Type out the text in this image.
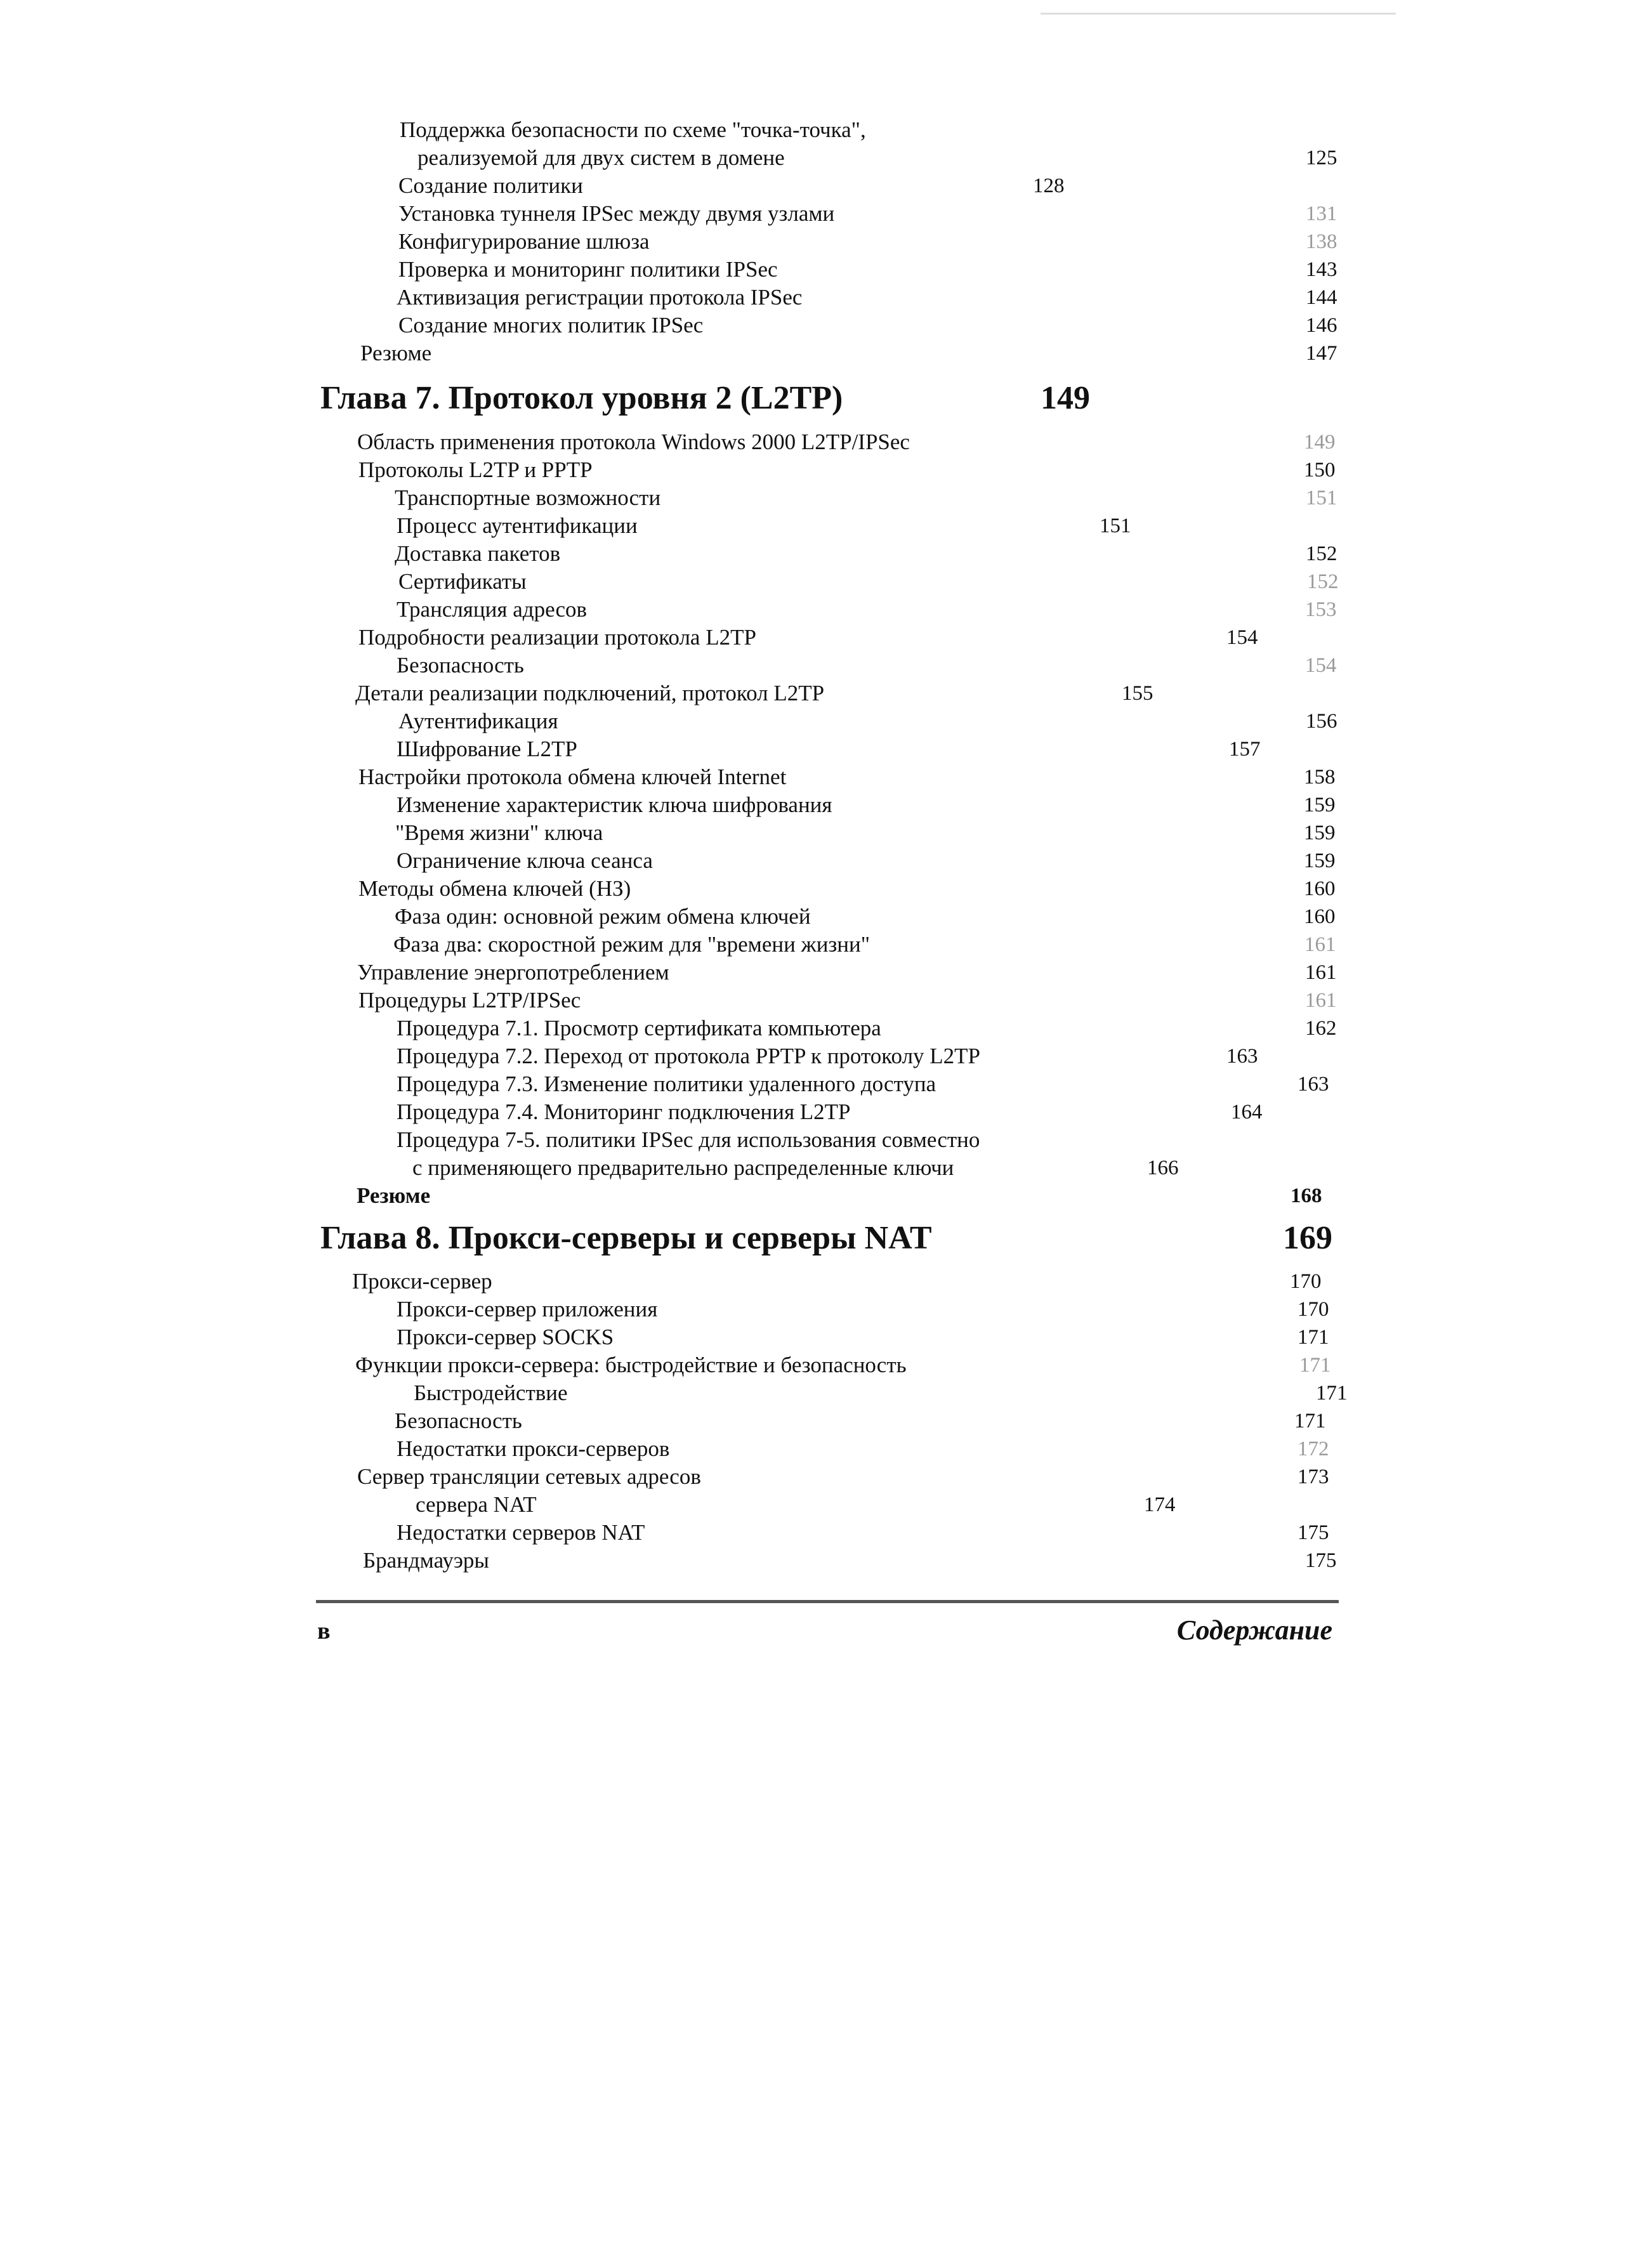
Поддержка безопасности по схеме "точка-точка",
реализуемой для двух систем в домене	125
Создание политики	128
Установка туннеля IPSec между двумя узлами	131
Конфигурирование шлюза	138
Проверка и мониторинг политики IPSec	143
Активизация регистрации протокола IPSec	144
Создание многих политик IPSec	146
Резюме	147
Глава 7. Протокол уровня 2 (L2TP)	149
Область применения протокола Windows 2000 L2TP/IPSec	149
Протоколы L2TP и PPTP	150
Транспортные возможности	151
Процесс аутентификации	151
Доставка пакетов	152
Сертификаты	152
Трансляция адресов	153
Подробности реализации протокола L2TP	154
Безопасность	154
Детали реализации подключений, протокол L2TP	155
Аутентификация	156
Шифрование L2TP	157
Настройки протокола обмена ключей Internet	158
Изменение характеристик ключа шифрования	159
"Время жизни" ключа	159
Ограничение ключа сеанса	159
Методы обмена ключей (НЗ)	160
Фаза один: основной режим обмена ключей	160
Фаза два: скоростной режим для "времени жизни"	161
Управление энергопотреблением	161
Процедуры L2TP/IPSec	161
Процедура 7.1. Просмотр сертификата компьютера	162
Процедура 7.2. Переход от протокола PPTP к протоколу L2TP	163
Процедура 7.3. Изменение политики удаленного доступа	163
Процедура 7.4. Мониторинг подключения L2TP	164
Процедура 7-5. политики IPSec для использования совместно
с применяющего предварительно распределенные ключи	166
Резюме	168
Глава 8. Прокси-серверы и серверы NAT	169
Прокси-сервер	170
Прокси-сервер приложения	170
Прокси-сервер SOCKS	171
Функции прокси-сервера: быстродействие и безопасность	171
Быстродействие	171
Безопасность	171
Недостатки прокси-серверов	172
Сервер трансляции сетевых адресов	173
сервера NAT	174
Недостатки серверов NAT	175
Брандмауэры	175
в	Содержание
